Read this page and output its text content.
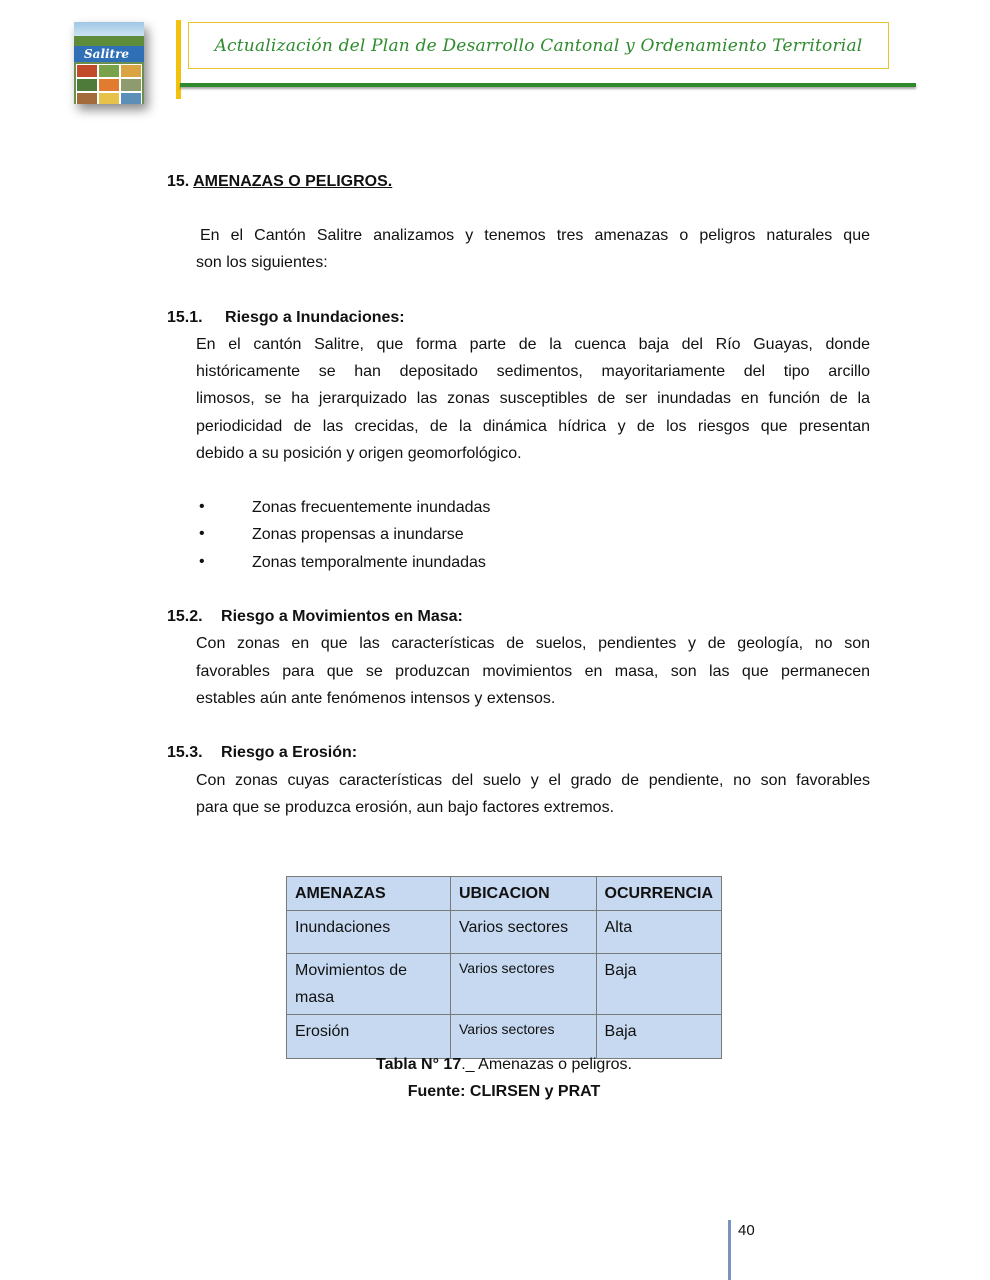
Salitre	Actualización del Plan de Desarrollo Cantonal y Ordenamiento Territorial
15. AMENAZAS O PELIGROS.
En el Cantón Salitre analizamos y tenemos tres amenazas o peligros naturales que
son los siguientes:
15.1. Riesgo a Inundaciones:
En el cantón Salitre, que forma parte de la cuenca baja del Río Guayas, donde
históricamente se han depositado sedimentos, mayoritariamente del tipo arcillo
limosos, se ha jerarquizado las zonas susceptibles de ser inundadas en función de la
periodicidad de las crecidas, de la dinámica hídrica y de los riesgos que presentan
debido a su posición y origen geomorfológico.
•	Zonas frecuentemente inundadas
•	Zonas propensas a inundarse
•	Zonas temporalmente inundadas
15.2. Riesgo a Movimientos en Masa:
Con zonas en que las características de suelos, pendientes y de geología, no son
favorables para que se produzcan movimientos en masa, son las que permanecen
estables aún ante fenómenos intensos y extensos.
15.3. Riesgo a Erosión:
Con zonas cuyas características del suelo y el grado de pendiente, no son favorables
para que se produzca erosión, aun bajo factores extremos.
AMENAZAS	UBICACION	OCURRENCIA
Inundaciones	Varios sectores	Alta
Movimientos de masa	Varios sectores	Baja
Erosión	Varios sectores	Baja
Tabla N° 17._ Amenazas o peligros.
Fuente: CLIRSEN y PRAT
40
